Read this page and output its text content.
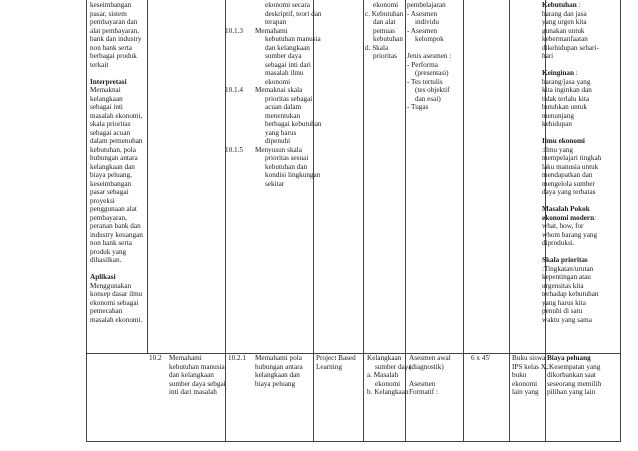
keseimbangan
pasar, sistem
pembayaran dan
alat pembayaran,
bank dan industry
non bank serta
berbagai produk
terkait

Interpretasi
Memaknai
kelangkaan
sebagai inti
masalah ekonomi,
skala prioritas
sebagai acuan
dalam pemenuhan
kebutuhan, pola
hubungan antara
kelangkaan dan
biaya peluang,
keseimbangan
pasar sebagai
proyeksi
penggunaan alat
pembayaran,
peranan bank dan
industry keuangan
non bank serta
produk yang
dihasilkan.

Aplikasi
Menggunakan
konsep dasar ilmu
ekonomi sebagai
pemecahan
masalah ekonomi.
ekonomi secara
deskriptif, teori dan
terapan
10.1.3 Memahami
kebutuhan manusia
dan kelangkaan
sumber daya
sebagai inti dari
masalah ilmu
ekonomi
10.1.4 Memaknai skala
prioritas sebagai
acuan dalam
menentukan
berbagai kebutuhan
yang harus
dipenuhi
10.1.5 Menyusun skala
prioritas sesuai
kebutuhan dan
kondisi lingkungan
sekitar
ekonomi
c. Kebutuhan
dan alat
pemuas
kebutuhan
d. Skala
prioritas
pembelajaran
- Asesmen
individu
- Asesmen
kelompok

Jenis asesmen :
- Performa
(presentasi)
- Tes tertulis
(tes objektif
dan esai)
- Tugas
Kebutuhan :
barang dan jasa
yang urgen kita
gunakan untuk
kebermanfaatan
dikehidupan sehari-
hari

Keinginan :
barang/jasa yang
kita inginkan dan
tidak terlalu kita
butuhkan untuk
menunjang
kehidupan

Ilmu ekonomi
:ilmu yang
mempelajari tingkah
laku manusia untuk
mendapatkan dan
mengelola sumber
daya yang terbatas

Masalah Pokok
ekonomi modern:
what, how, for
whom barang yang
diproduksi.

Skala prioritas
:Tingkatan/urutan
kepentingan atau
urgensitas kita
terhadap kebutuhan
yang harus kita
penuhi di satu
waktu yang sama
10.2 Memahami
kebutuhan manusia
dan kelangkaan
sumber daya sebgai
inti dari masalah
10.2.1 Memahami pola
hubungan antara
kelangkaan dan
biaya peluang
Project Based
Learning
Kelangkaan
sumber daya
a. Masalah
ekonomi
b. Kelangkaan
Asesmen awal
(diagnostik)

Asesmen
Formatif :
6 x 45'	Buku siswa
IPS kelas X,
buku
ekonomi
lain yang
Biaya peluang
:Kesempatan yang
dikorbankan saat
seseorang memilih
pilihan yang lain
